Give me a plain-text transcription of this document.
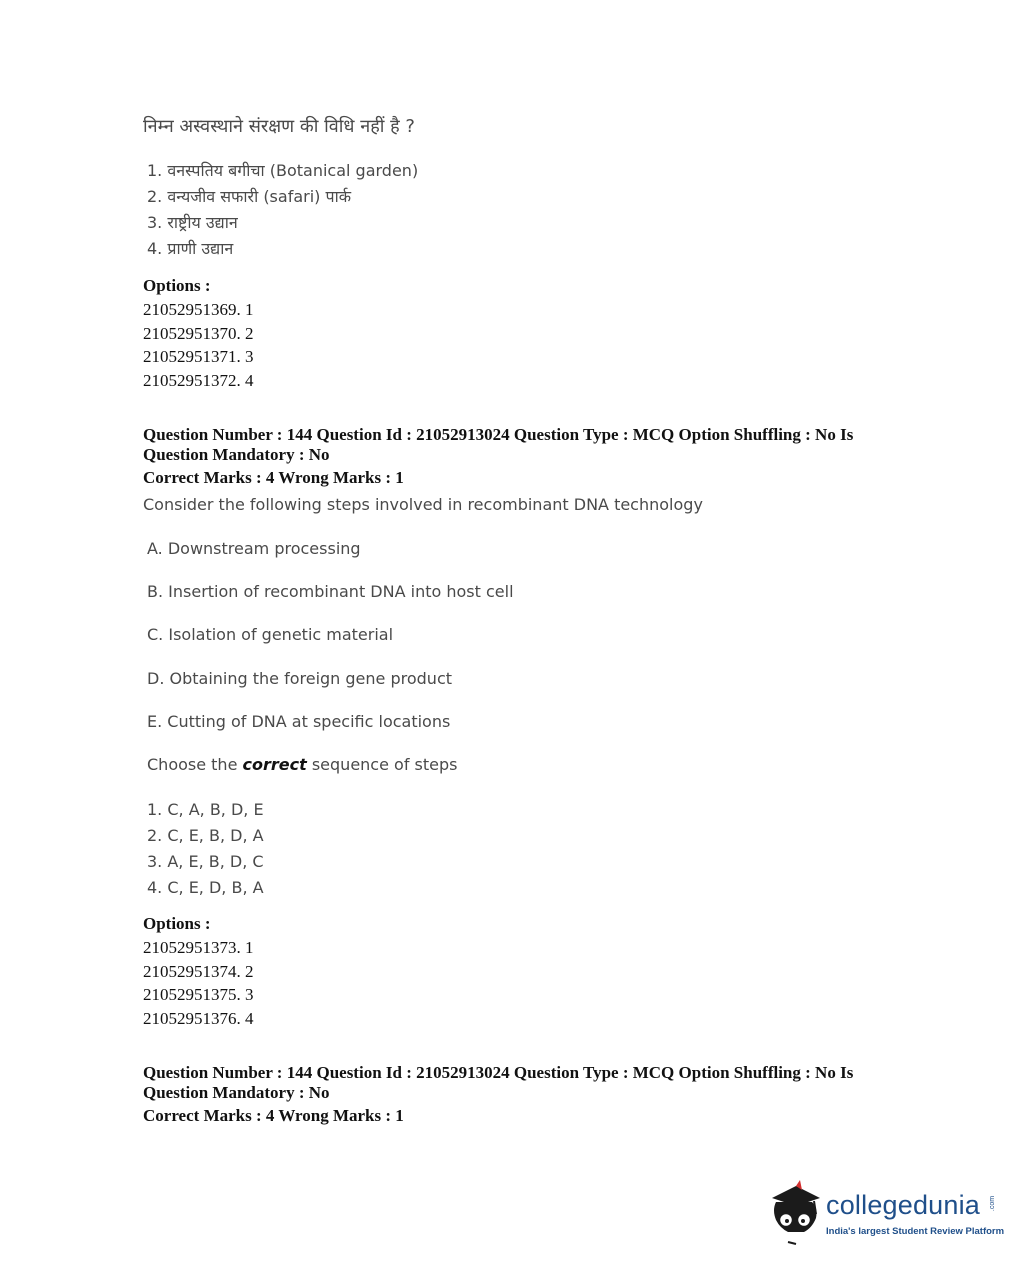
निम्न अस्वस्थाने संरक्षण की विधि नहीं है ?
1. वनस्पतिय बगीचा (Botanical garden)
2. वन्यजीव सफारी (safari) पार्क
3. राष्ट्रीय उद्यान
4. प्राणी उद्यान
Options :
21052951369. 1
21052951370. 2
21052951371. 3
21052951372. 4
Question Number : 144 Question Id : 21052913024 Question Type : MCQ Option Shuffling : No Is
Question Mandatory : No
Correct Marks : 4 Wrong Marks : 1
Consider the following steps involved in recombinant DNA technology
A. Downstream processing
B. Insertion of recombinant DNA into host cell
C. Isolation of genetic material
D. Obtaining the foreign gene product
E. Cutting of DNA at specific locations
Choose the correct sequence of steps
1. C, A, B, D, E
2. C, E, B, D, A
3. A, E, B, D, C
4. C, E, D, B, A
Options :
21052951373. 1
21052951374. 2
21052951375. 3
21052951376. 4
Question Number : 144 Question Id : 21052913024 Question Type : MCQ Option Shuffling : No Is
Question Mandatory : No
Correct Marks : 4 Wrong Marks : 1
collegedunia .com
India's largest Student Review Platform
